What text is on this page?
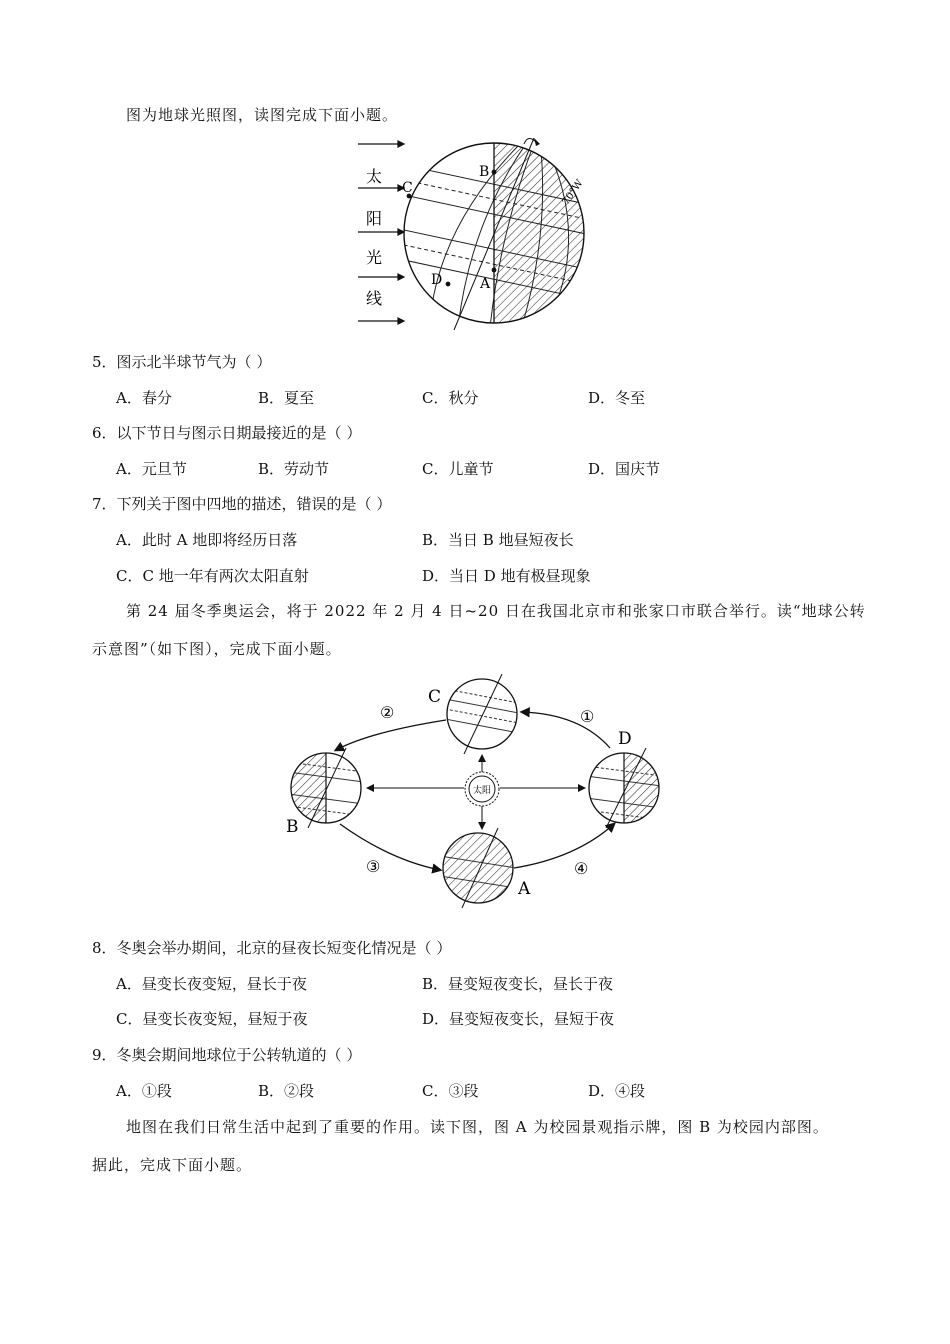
图为地球光照图，读图完成下面小题。
太
阳
光
线
B
C
A
D
70°W
5．图示北半球节气为（ ）
A．春分	B．夏至	C．秋分	D．冬至
6．以下节日与图示日期最接近的是（ ）
A．元旦节	B．劳动节	C．儿童节	D．国庆节
7．下列关于图中四地的描述，错误的是（ ）
A．此时 A 地即将经历日落	B．当日 B 地昼短夜长
C．C 地一年有两次太阳直射	D．当日 D 地有极昼现象
第 24 届冬季奥运会，将于 2022 年 2 月 4 日~20 日在我国北京市和张家口市联合举行。读“地球公转
示意图”（如下图），完成下面小题。
太阳
C
B
D
A
①
②
③	④
8．冬奥会举办期间，北京的昼夜长短变化情况是（ ）
A．昼变长夜变短，昼长于夜	B．昼变短夜变长，昼长于夜
C．昼变长夜变短，昼短于夜	D．昼变短夜变长，昼短于夜
9．冬奥会期间地球位于公转轨道的（ ）
A．①段	B．②段	C．③段	D．④段
地图在我们日常生活中起到了重要的作用。读下图，图 A 为校园景观指示牌，图 B 为校园内部图。
据此，完成下面小题。
